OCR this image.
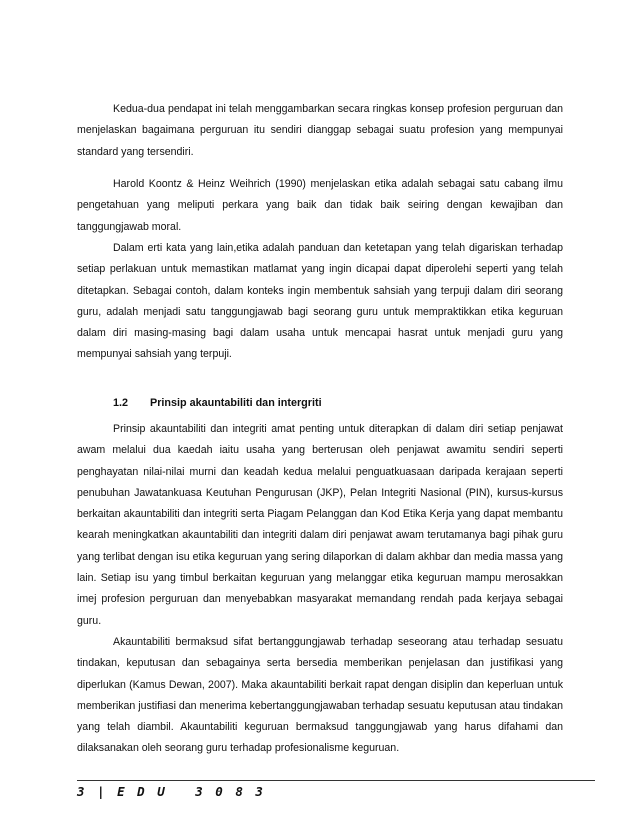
Kedua-dua pendapat ini telah menggambarkan secara ringkas konsep profesion perguruan dan menjelaskan bagaimana perguruan itu sendiri dianggap sebagai suatu profesion yang mempunyai standard yang tersendiri.

Harold Koontz & Heinz Weihrich (1990) menjelaskan etika adalah sebagai satu cabang ilmu pengetahuan yang meliputi perkara yang baik dan tidak baik seiring dengan kewajiban dan tanggungjawab moral.

Dalam erti kata yang lain,etika adalah panduan dan ketetapan yang telah digariskan terhadap setiap perlakuan untuk memastikan matlamat yang ingin dicapai dapat diperolehi seperti yang telah ditetapkan. Sebagai contoh, dalam konteks ingin membentuk sahsiah yang terpuji dalam diri seorang guru, adalah menjadi satu tanggungjawab bagi seorang guru untuk mempraktikkan etika keguruan dalam diri masing-masing bagi dalam usaha untuk mencapai hasrat untuk menjadi guru yang mempunyai sahsiah yang terpuji.

1.2 Prinsip akauntabiliti dan intergriti

Prinsip akauntabiliti dan integriti amat penting untuk diterapkan di dalam diri setiap penjawat awam melalui dua kaedah iaitu usaha yang berterusan oleh penjawat awamitu sendiri seperti penghayatan nilai-nilai murni dan keadah kedua melalui penguatkuasaan daripada kerajaan seperti penubuhan Jawatankuasa Keutuhan Pengurusan (JKP), Pelan Integriti Nasional (PIN), kursus-kursus berkaitan akauntabiliti dan integriti serta Piagam Pelanggan dan Kod Etika Kerja yang dapat membantu kearah meningkatkan akauntabiliti dan integriti dalam diri penjawat awam terutamanya bagi pihak guru yang terlibat dengan isu etika keguruan yang sering dilaporkan di dalam akhbar dan media massa yang lain. Setiap isu yang timbul berkaitan keguruan yang melanggar etika keguruan mampu merosakkan imej profesion perguruan dan menyebabkan masyarakat memandang rendah pada kerjaya sebagai guru.

Akauntabiliti bermaksud sifat bertanggungjawab terhadap seseorang atau terhadap sesuatu tindakan, keputusan dan sebagainya serta bersedia memberikan penjelasan dan justifikasi yang diperlukan (Kamus Dewan, 2007). Maka akauntabiliti berkait rapat dengan disiplin dan keperluan untuk memberikan justifiasi dan menerima kebertanggungjawaban terhadap sesuatu keputusan atau tindakan yang telah diambil. Akauntabiliti keguruan bermaksud tanggungjawab yang harus difahami dan dilaksanakan oleh seorang guru terhadap profesionalisme keguruan.

3 | E D U 3 0 8 3
